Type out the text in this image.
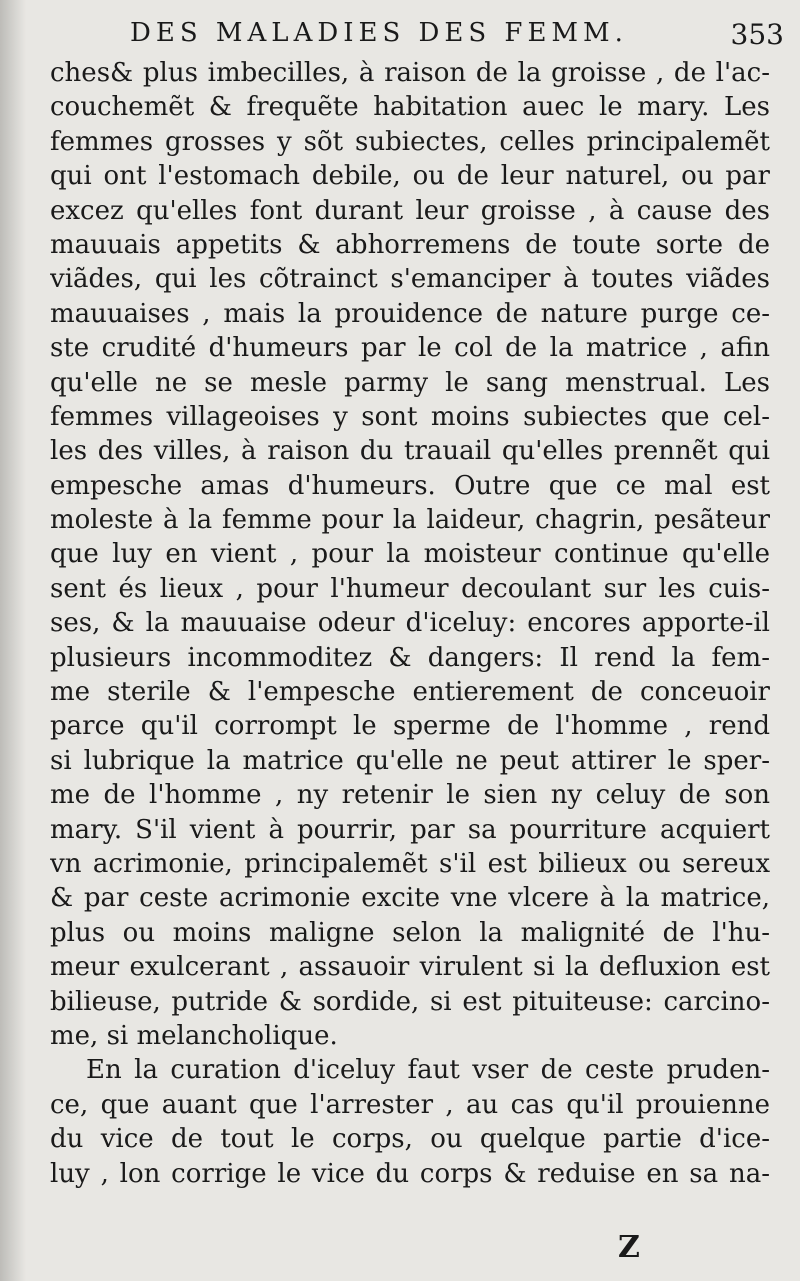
DES MALADIES DES FEMM.	353
ches& plus imbecilles, à raison de la groisse , de l'ac-
couchemẽt & frequẽte habitation auec le mary. Les
femmes grosses y sõt subiectes, celles principalemẽt
qui ont l'estomach debile, ou de leur naturel, ou par
excez qu'elles font durant leur groisse , à cause des
mauuais appetits & abhorremens de toute sorte de
viãdes, qui les cõtrainct s'emanciper à toutes viãdes
mauuaises , mais la prouidence de nature purge ce-
ste crudité d'humeurs par le col de la matrice , afin
qu'elle ne se mesle parmy le sang menstrual. Les
femmes villageoises y sont moins subiectes que cel-
les des villes, à raison du trauail qu'elles prennẽt qui
empesche amas d'humeurs. Outre que ce mal est
moleste à la femme pour la laideur, chagrin, pesãteur
que luy en vient , pour la moisteur continue qu'elle
sent és lieux , pour l'humeur decoulant sur les cuis-
ses, & la mauuaise odeur d'iceluy: encores apporte-il
plusieurs incommoditez & dangers: Il rend la fem-
me sterile & l'empesche entierement de conceuoir
parce qu'il corrompt le sperme de l'homme , rend
si lubrique la matrice qu'elle ne peut attirer le sper-
me de l'homme , ny retenir le sien ny celuy de son
mary. S'il vient à pourrir, par sa pourriture acquiert
vn acrimonie, principalemẽt s'il est bilieux ou sereux
& par ceste acrimonie excite vne vlcere à la matrice,
plus ou moins maligne selon la malignité de l'hu-
meur exulcerant , assauoir virulent si la defluxion est
bilieuse, putride & sordide, si est pituiteuse: carcino-
me, si melancholique.
En la curation d'iceluy faut vser de ceste pruden-
ce, que auant que l'arrester , au cas qu'il prouienne
du vice de tout le corps, ou quelque partie d'ice-
luy , lon corrige le vice du corps & reduise en sa na-
Z
